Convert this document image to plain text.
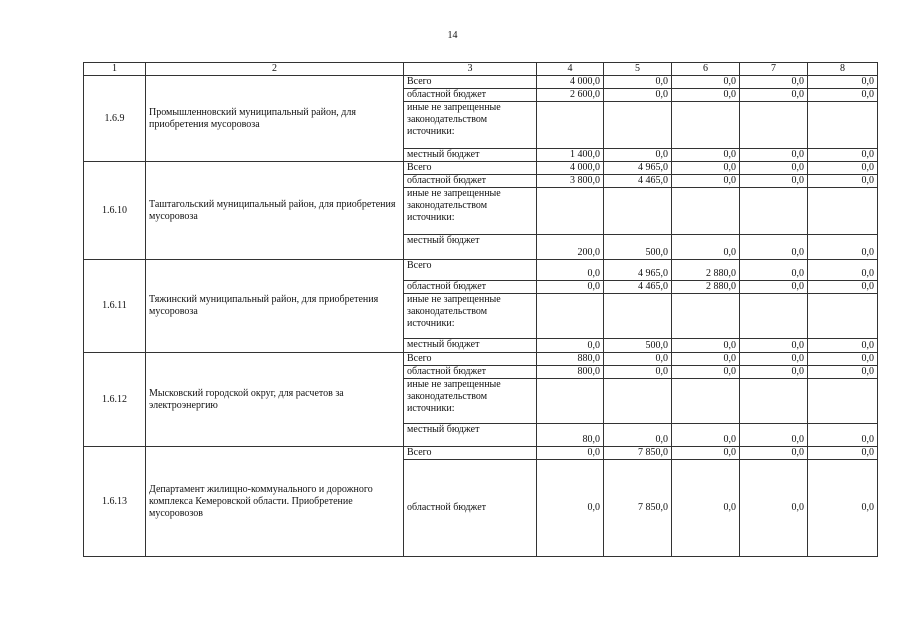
14
1	2	3	4	5	6	7	8
1.6.9	Промышленновский муниципальный район, для приобретения мусоровоза	Всего	4 000,0	0,0	0,0	0,0	0,0
		областной бюджет	2 600,0	0,0	0,0	0,0	0,0
		иные не запрещенные законодательством источники:					
		местный бюджет	1 400,0	0,0	0,0	0,0	0,0
1.6.10	Таштагольский муниципальный район, для приобретения мусоровоза	Всего	4 000,0	4 965,0	0,0	0,0	0,0
		областной бюджет	3 800,0	4 465,0	0,0	0,0	0,0
		иные не запрещенные законодательством источники:					
		местный бюджет	200,0	500,0	0,0	0,0	0,0
1.6.11	Тяжинский муниципальный район, для приобретения мусоровоза	Всего	0,0	4 965,0	2 880,0	0,0	0,0
		областной бюджет	0,0	4 465,0	2 880,0	0,0	0,0
		иные не запрещенные законодательством источники:					
		местный бюджет	0,0	500,0	0,0	0,0	0,0
1.6.12	Мысковский городской округ, для расчетов за электроэнергию	Всего	880,0	0,0	0,0	0,0	0,0
		областной бюджет	800,0	0,0	0,0	0,0	0,0
		иные не запрещенные законодательством источники:					
		местный бюджет	80,0	0,0	0,0	0,0	0,0
1.6.13	Департамент жилищно-коммунального и дорожного комплекса Кемеровской области. Приобретение мусоровозов	Всего	0,0	7 850,0	0,0	0,0	0,0
		областной бюджет	0,0	7 850,0	0,0	0,0	0,0
